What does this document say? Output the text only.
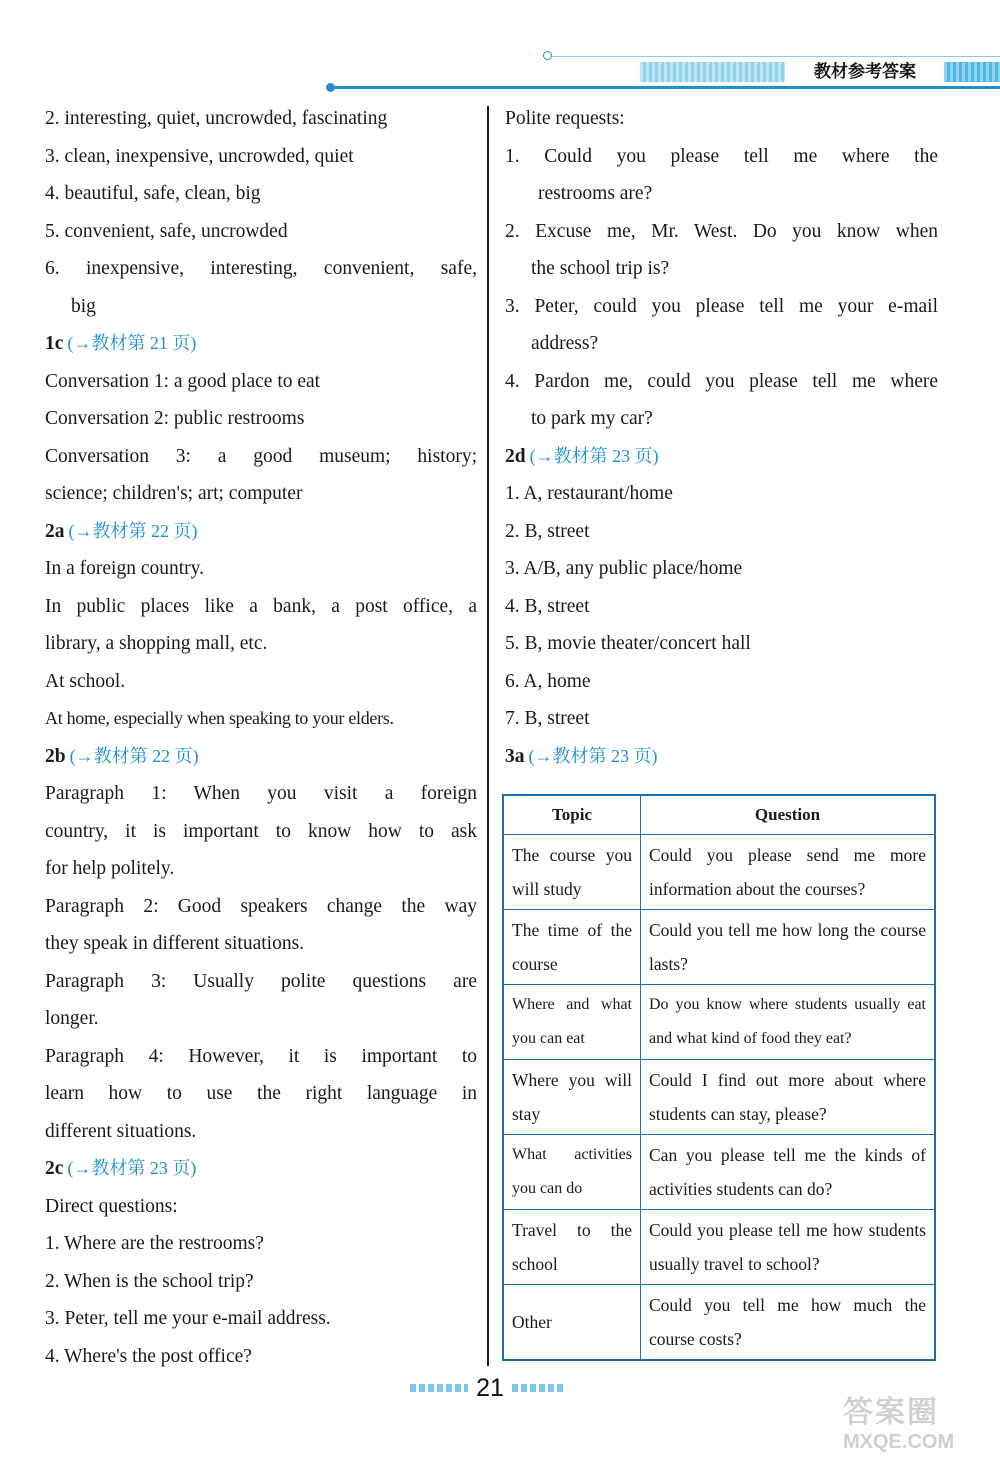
教材参考答案
2. interesting, quiet, uncrowded, fascinating
3. clean, inexpensive, uncrowded, quiet
4. beautiful, safe, clean, big
5. convenient, safe, uncrowded
6. inexpensive, interesting, convenient, safe,
big
1c (→教材第 21 页)
Conversation 1: a good place to eat
Conversation 2: public restrooms
Conversation 3: a good museum; history;
science; children's; art; computer
2a (→教材第 22 页)
In a foreign country.
In public places like a bank, a post office, a
library, a shopping mall, etc.
At school.
At home, especially when speaking to your elders.
2b (→教材第 22 页)
Paragraph 1: When you visit a foreign
country, it is important to know how to ask
for help politely.
Paragraph 2: Good speakers change the way
they speak in different situations.
Paragraph 3: Usually polite questions are
longer.
Paragraph 4: However, it is important to
learn how to use the right language in
different situations.
2c (→教材第 23 页)
Direct questions:
1. Where are the restrooms?
2. When is the school trip?
3. Peter, tell me your e-mail address.
4. Where's the post office?
Polite requests:
1. Could you please tell me where the
restrooms are?
2. Excuse me, Mr. West. Do you know when
the school trip is?
3. Peter, could you please tell me your e-mail
address?
4. Pardon me, could you please tell me where
to park my car?
2d (→教材第 23 页)
1. A, restaurant/home
2. B, street
3. A/B, any public place/home
4. B, street
5. B, movie theater/concert hall
6. A, home
7. B, street
3a (→教材第 23 页)
Topic	Question
The course you will study	Could you please send me more information about the courses?
The time of the course	Could you tell me how long the course lasts?
Where and what you can eat	Do you know where students usually eat and what kind of food they eat?
Where you will stay	Could I find out more about where students can stay, please?
What activities you can do	Can you please tell me the kinds of activities students can do?
Travel to the school	Could you please tell me how students usually travel to school?
Other	Could you tell me how much the course costs?
21
答案圈
MXQE.COM
